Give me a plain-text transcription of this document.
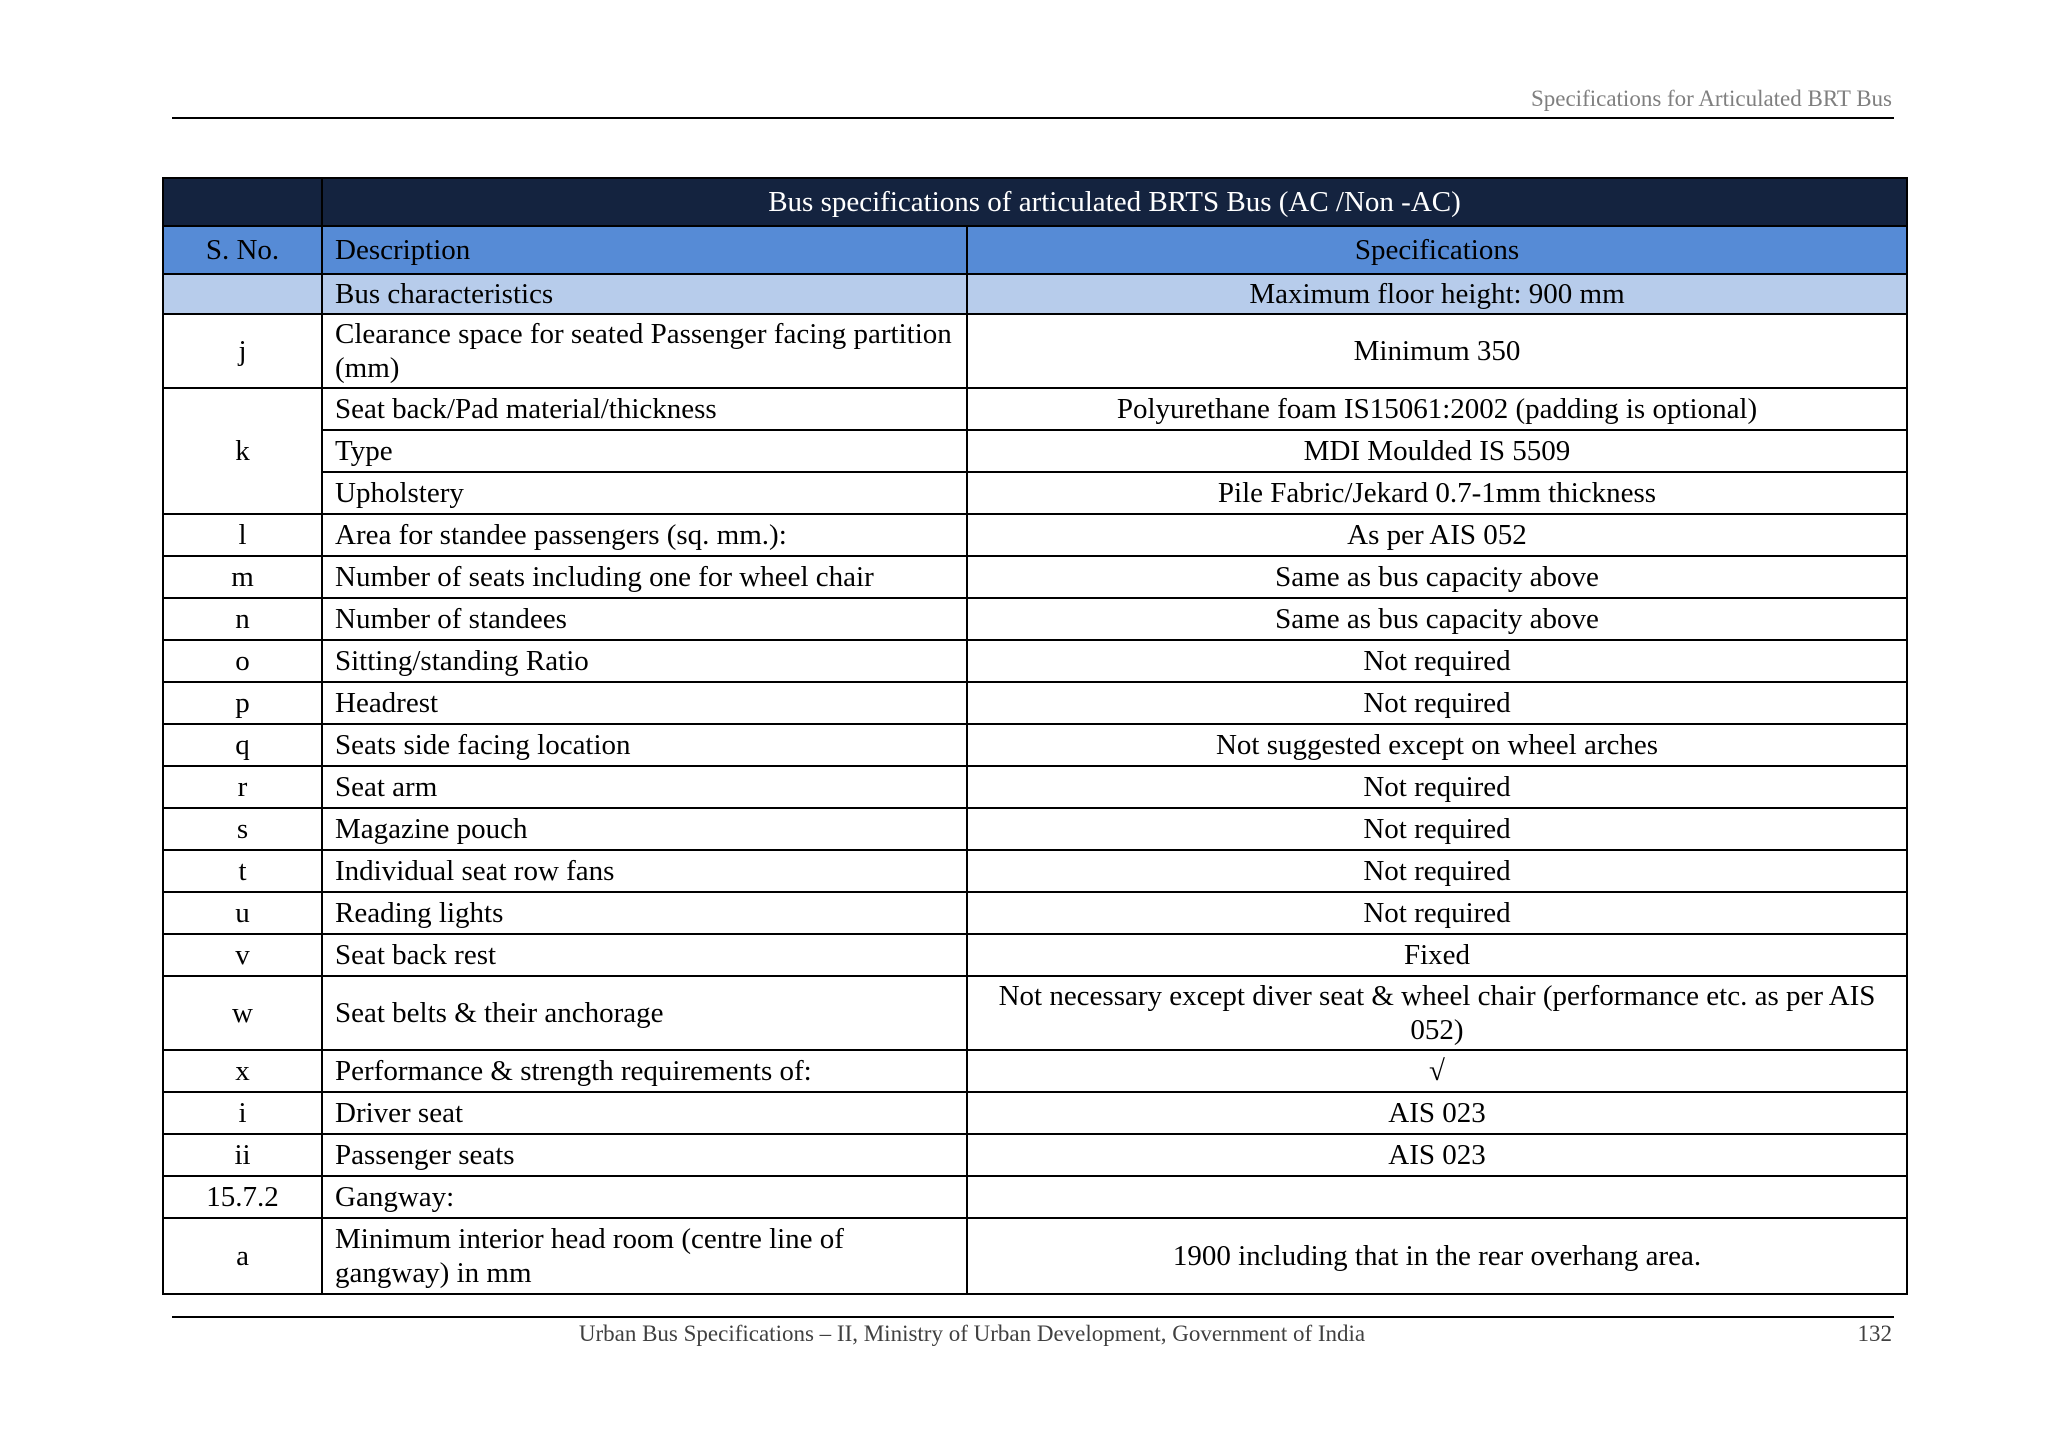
Specifications for Articulated BRT Bus
	Bus specifications of articulated BRTS Bus (AC /Non -AC)	
S. No.	Description	Specifications
	Bus characteristics	Maximum floor height: 900 mm
j	Clearance space for seated Passenger facing partition (mm)	Minimum 350
k	Seat back/Pad material/thickness	Polyurethane foam IS15061:2002 (padding is optional)
	Type	MDI Moulded IS 5509
	Upholstery	Pile Fabric/Jekard 0.7-1mm thickness
l	Area for standee passengers (sq. mm.):	As per AIS 052
m	Number of seats including one for wheel chair	Same as bus capacity above
n	Number of standees	Same as bus capacity above
o	Sitting/standing Ratio	Not required
p	Headrest	Not required
q	Seats side facing location	Not suggested except on wheel arches
r	Seat arm	Not required
s	Magazine pouch	Not required
t	Individual seat row fans	Not required
u	Reading lights	Not required
v	Seat back rest	Fixed
w	Seat belts & their anchorage	Not necessary except diver seat & wheel chair (performance etc. as per AIS 052)
x	Performance & strength requirements of:	√
i	Driver seat	AIS 023
ii	Passenger seats	AIS 023
15.7.2	Gangway:	
a	Minimum interior head room (centre line of gangway) in mm	1900 including that in the rear overhang area.
Urban Bus Specifications – II, Ministry of Urban Development, Government of India	132
